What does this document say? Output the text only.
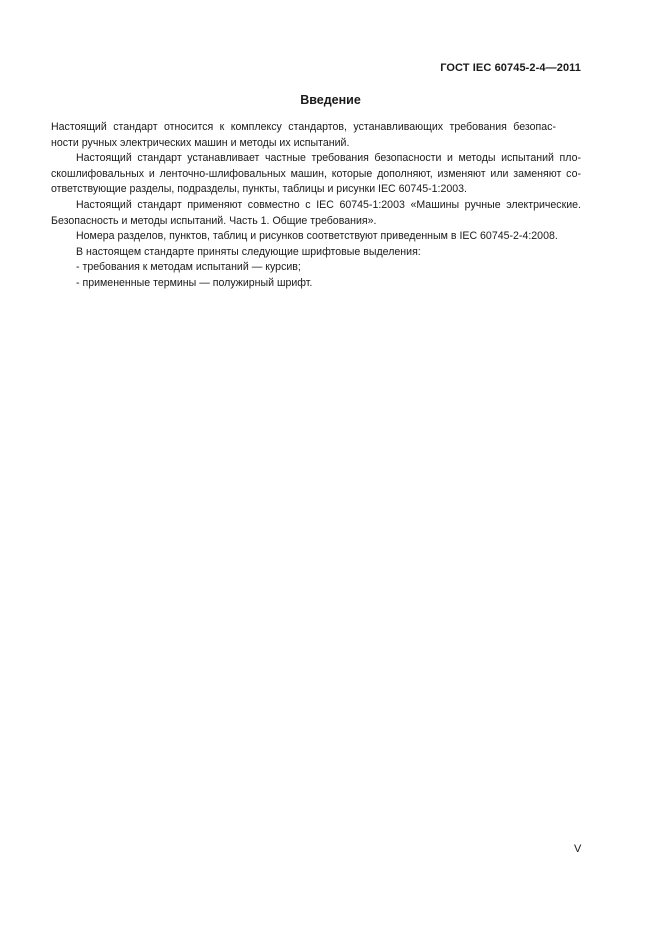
ГОСТ IEC 60745-2-4—2011
Введение
Настоящий стандарт относится к комплексу стандартов, устанавливающих требования безопас-
ности ручных электрических машин и методы их испытаний.
Настоящий стандарт устанавливает частные требования безопасности и методы испытаний пло-
скошлифовальных и ленточно-шлифовальных машин, которые дополняют, изменяют или заменяют со-
ответствующие разделы, подразделы, пункты, таблицы и рисунки IEC 60745-1:2003.
Настоящий стандарт применяют совместно с IEC 60745-1:2003 «Машины ручные электрические.
Безопасность и методы испытаний. Часть 1. Общие требования».
Номера разделов, пунктов, таблиц и рисунков соответствуют приведенным в IEC 60745-2-4:2008.
В настоящем стандарте приняты следующие шрифтовые выделения:
- требования к методам испытаний — курсив;
- примененные термины — полужирный шрифт.
V
